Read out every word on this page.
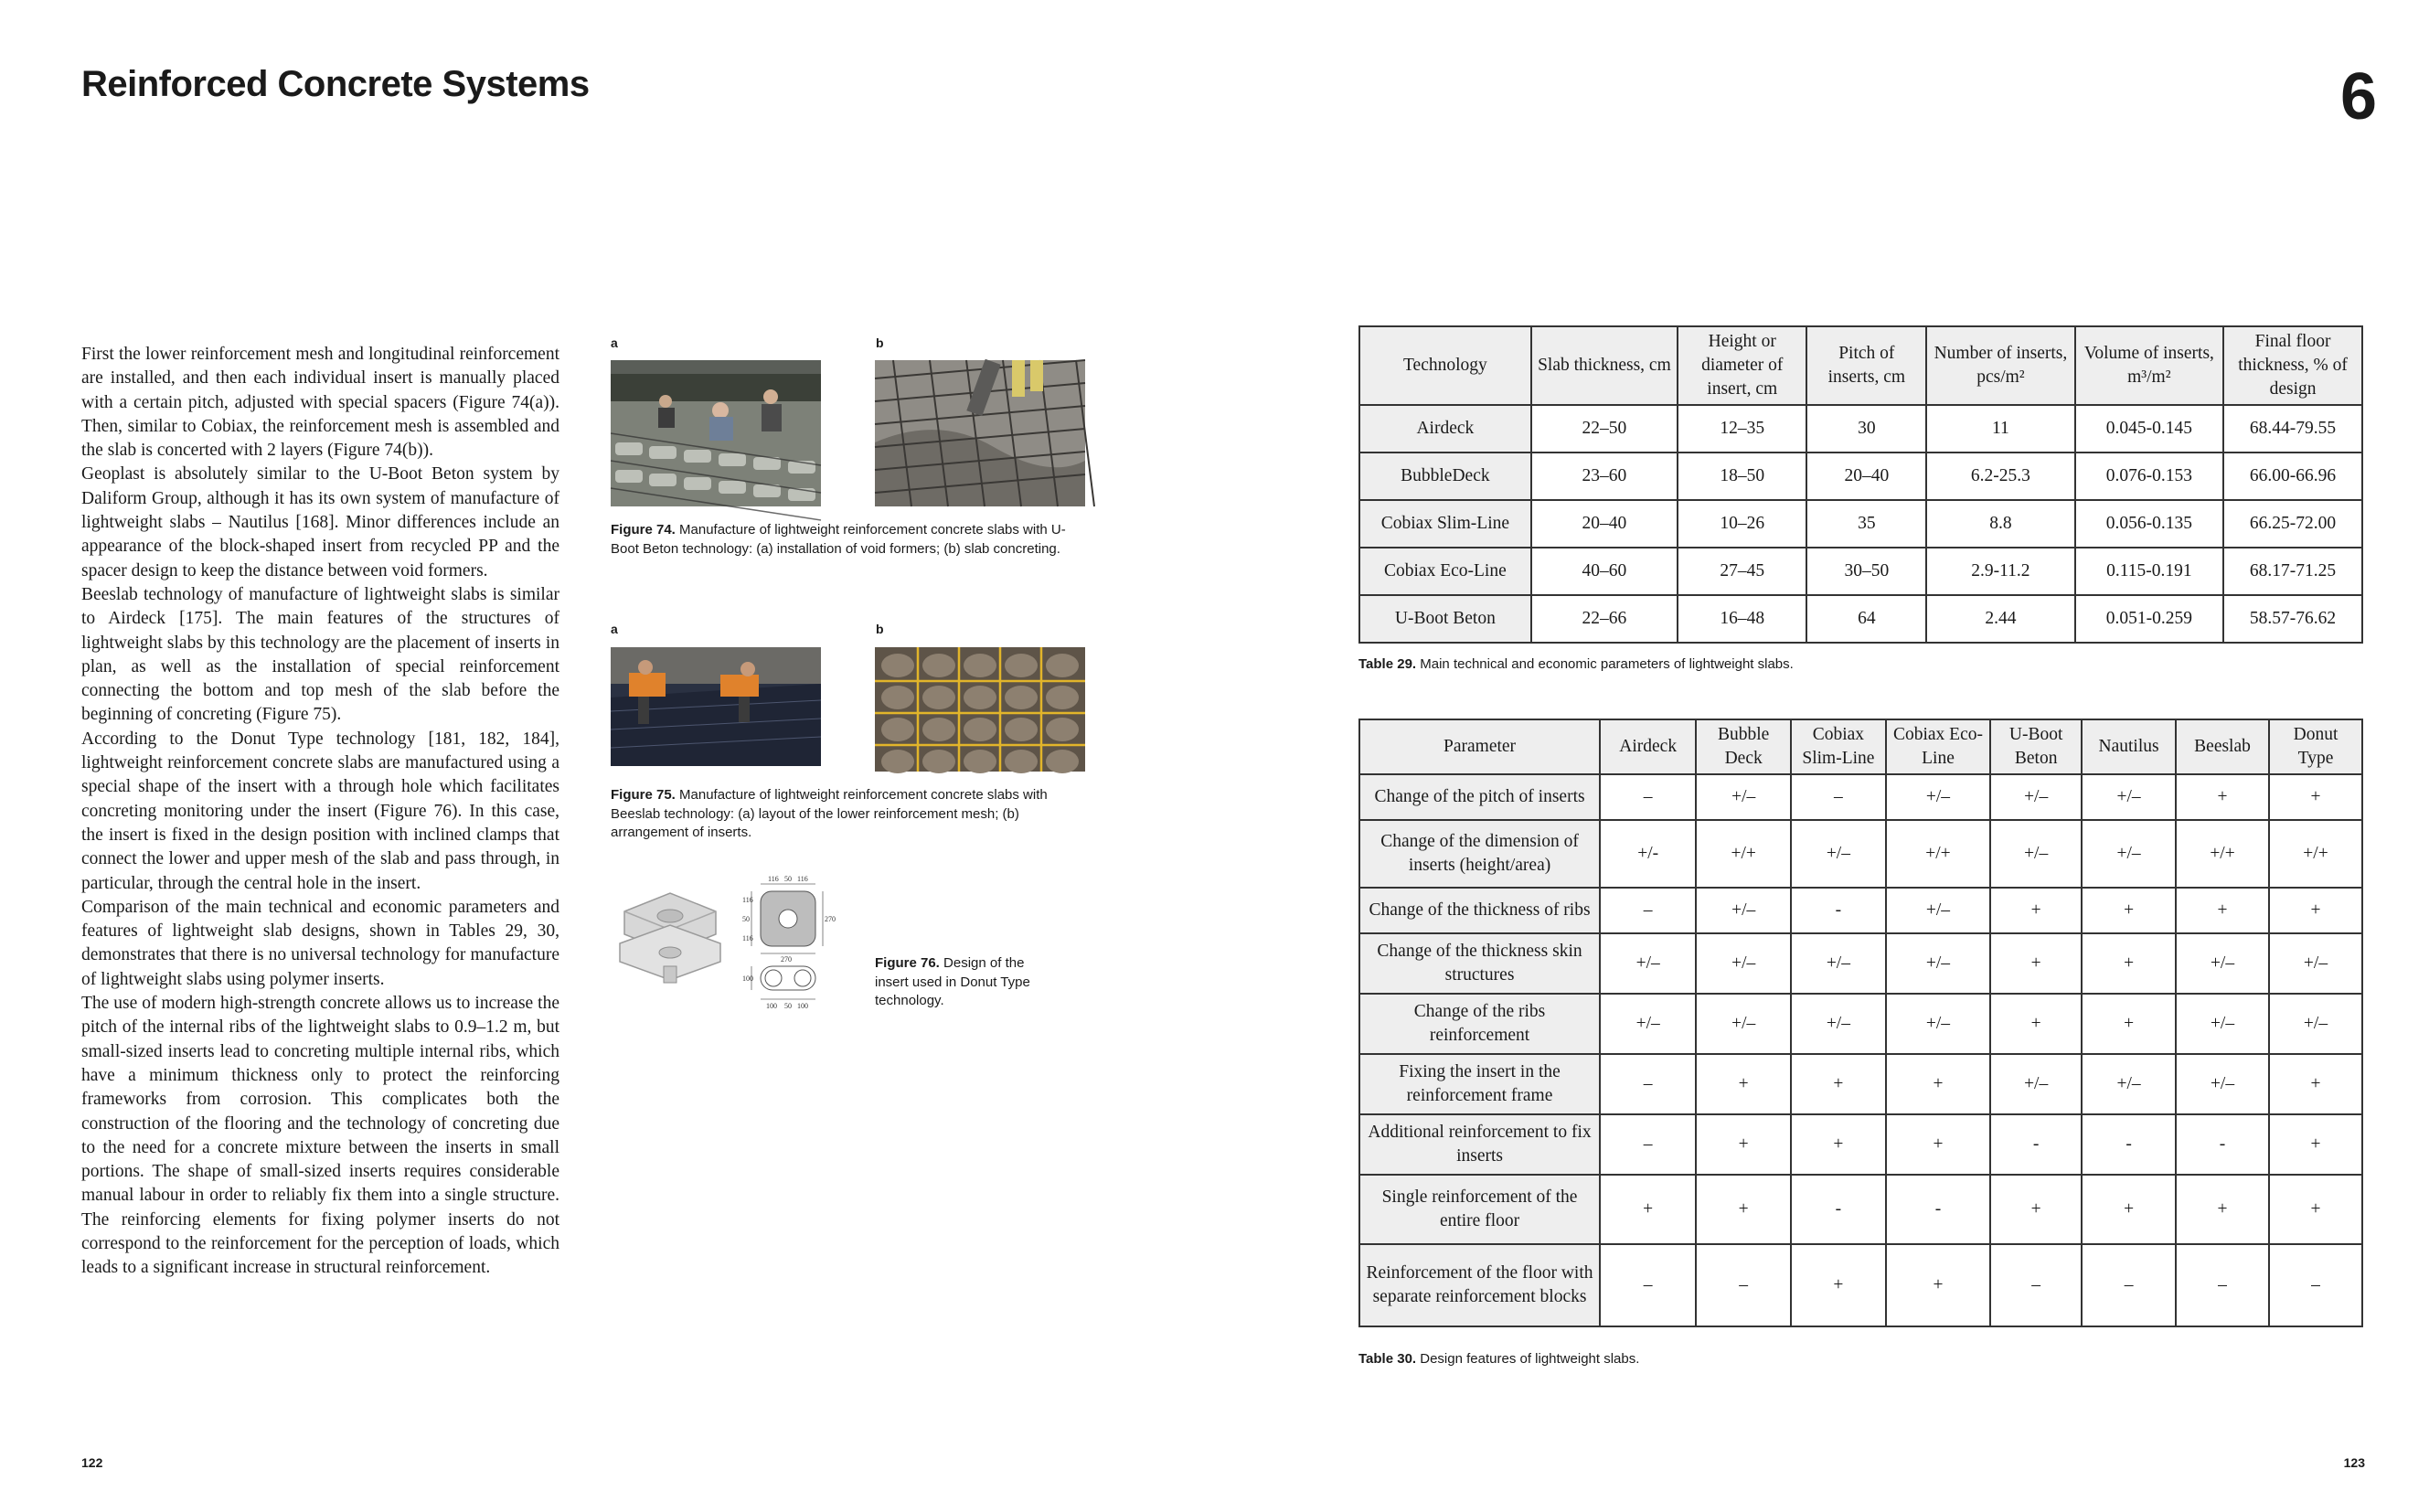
Reinforced Concrete Systems	6

First the lower reinforcement mesh and longitudinal reinforcement are installed, and then each individual insert is manually placed with a certain pitch, adjusted with special spacers (Figure 74(a)). Then, similar to Cobiax, the reinforcement mesh is assembled and the slab is concerted with 2 layers (Figure 74(b)).

Geoplast is absolutely similar to the U-Boot Beton system by Daliform Group, although it has its own system of manufacture of lightweight slabs – Nautilus [168]. Minor differences include an appearance of the block-shaped insert from recycled PP and the spacer design to keep the distance between void formers.

Beeslab technology of manufacture of lightweight slabs is similar to Airdeck [175]. The main features of the structures of lightweight slabs by this technology are the placement of inserts in plan, as well as the installation of special reinforcement connecting the bottom and top mesh of the slab before the beginning of concreting (Figure 75).

According to the Donut Type technology [181, 182, 184], lightweight reinforcement concrete slabs are manufactured using a special shape of the insert with a through hole which facilitates concreting monitoring under the insert (Figure 76). In this case, the insert is fixed in the design position with inclined clamps that connect the lower and upper mesh of the slab and pass through, in particular, through the central hole in the insert.

Comparison of the main technical and economic parameters and features of lightweight slab designs, shown in Tables 29, 30, demonstrates that there is no universal technology for manufacture of lightweight slabs using polymer inserts.

The use of modern high-strength concrete allows us to increase the pitch of the internal ribs of the lightweight slabs to 0.9–1.2 m, but small-sized inserts lead to concreting multiple internal ribs, which have a minimum thickness only to protect the reinforcing frameworks from corrosion. This complicates both the construction of the flooring and the technology of concreting due to the need for a concrete mixture between the inserts in small portions. The shape of small-sized inserts requires considerable manual labour in order to reliably fix them into a single structure. The reinforcing elements for fixing polymer inserts do not correspond to the reinforcement for the perception of loads, which leads to a significant increase in structural reinforcement.

a	b
Figure 74. Manufacture of lightweight reinforcement concrete slabs with U-Boot Beton technology: (a) installation of void formers; (b) slab concreting.
a	b
Figure 75. Manufacture of lightweight reinforcement concrete slabs with Beeslab technology: (a) layout of the lower reinforcement mesh; (b) arrangement of inserts.
116 50 116
116
50
116
270
270
100
100 50 100
Figure 76. Design of the insert used in Donut Type technology.
Technology	Slab thickness, cm	Height or diameter of insert, cm	Pitch of inserts, cm	Number of inserts, pcs/m²	Volume of inserts, m³/m²	Final floor thickness, % of design
Airdeck	22–50	12–35	30	11	0.045-0.145	68.44-79.55
BubbleDeck	23–60	18–50	20–40	6.2-25.3	0.076-0.153	66.00-66.96
Cobiax Slim-Line	20–40	10–26	35	8.8	0.056-0.135	66.25-72.00
Cobiax Eco-Line	40–60	27–45	30–50	2.9-11.2	0.115-0.191	68.17-71.25
U-Boot Beton	22–66	16–48	64	2.44	0.051-0.259	58.57-76.62
Table 29. Main technical and economic parameters of lightweight slabs.
Parameter	Airdeck	Bubble Deck	Cobiax Slim-Line	Cobiax Eco-Line	U-Boot Beton	Nautilus	Beeslab	Donut Type
Change of the pitch of inserts	–	+/–	–	+/–	+/–	+/–	+	+
Change of the dimension of inserts (height/area)	+/-	+/+	+/–	+/+	+/–	+/–	+/+	+/+
Change of the thickness of ribs	–	+/–	-	+/–	+	+	+	+
Change of the thickness skin structures	+/–	+/–	+/–	+/–	+	+	+/–	+/–
Change of the ribs reinforcement	+/–	+/–	+/–	+/–	+	+	+/–	+/–
Fixing the insert in the reinforcement frame	–	+	+	+	+/–	+/–	+/–	+
Additional reinforcement to fix inserts	–	+	+	+	-	-	-	+
Single reinforcement of the entire floor	+	+	-	-	+	+	+	+
Reinforcement of the floor with separate reinforcement blocks	–	–	+	+	–	–	–	–
Table 30. Design features of lightweight slabs.
122	123
